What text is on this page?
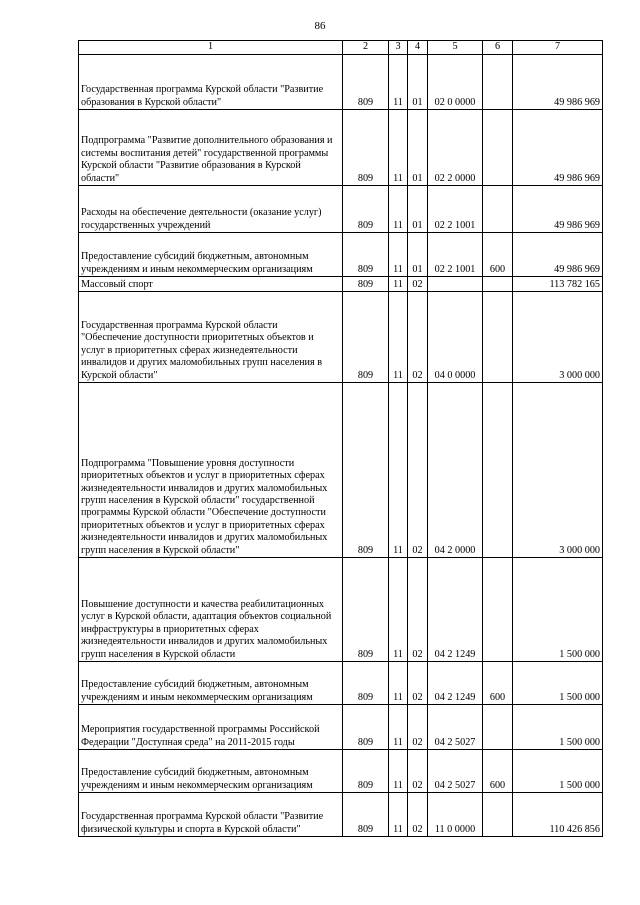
86
1	2	3	4	5	6	7
Государственная программа Курской области "Развитие образования в Курской области"	809	11	01	02 0 0000		49 986 969
Подпрограмма "Развитие дополнительного образования и системы воспитания детей" государственной программы Курской области "Развитие образования в Курской области"	809	11	01	02 2 0000		49 986 969
Расходы на обеспечение деятельности (оказание услуг) государственных учреждений	809	11	01	02 2 1001		49 986 969
Предоставление субсидий бюджетным, автономным учреждениям и иным некоммерческим организациям	809	11	01	02 2 1001	600	49 986 969
Массовый спорт	809	11	02			113 782 165
Государственная программа Курской области "Обеспечение доступности приоритетных объектов и услуг в приоритетных сферах жизнедеятельности инвалидов и других маломобильных групп населения в Курской области"	809	11	02	04 0 0000		3 000 000
Подпрограмма "Повышение уровня доступности приоритетных объектов и услуг в приоритетных сферах жизнедеятельности инвалидов и других маломобильных групп населения в Курской области" государственной программы Курской области "Обеспечение доступности приоритетных объектов и услуг в приоритетных сферах жизнедеятельности инвалидов и других маломобильных групп населения в Курской области"	809	11	02	04 2 0000		3 000 000
Повышение доступности и качества реабилитационных услуг в Курской области, адаптация объектов социальной инфраструктуры в приоритетных сферах жизнедеятельности инвалидов и других маломобильных групп населения в Курской области	809	11	02	04 2 1249		1 500 000
Предоставление субсидий бюджетным, автономным учреждениям и иным некоммерческим организациям	809	11	02	04 2 1249	600	1 500 000
Мероприятия государственной программы Российской Федерации "Доступная среда" на 2011-2015 годы	809	11	02	04 2 5027		1 500 000
Предоставление субсидий бюджетным, автономным учреждениям и иным некоммерческим организациям	809	11	02	04 2 5027	600	1 500 000
Государственная программа Курской области "Развитие физической культуры и спорта в Курской области"	809	11	02	11 0 0000		110 426 856
